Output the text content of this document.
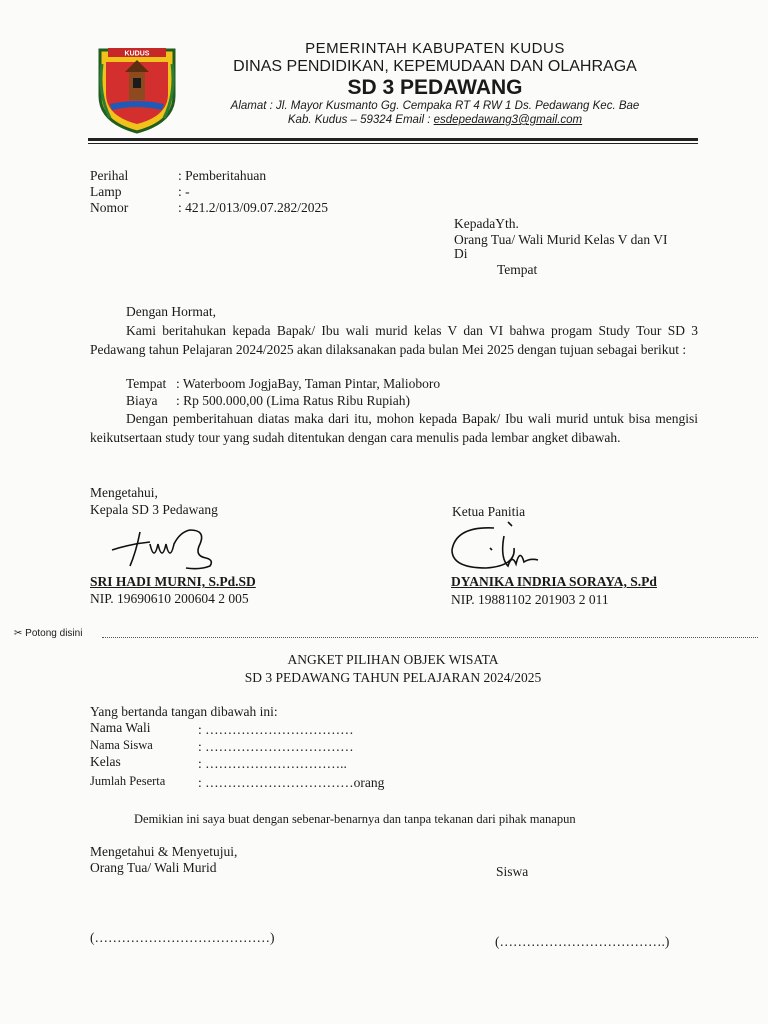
KUDUS	PEMERINTAH KABUPATEN KUDUS
DINAS PENDIDIKAN, KEPEMUDAAN DAN OLAHRAGA
SD 3 PEDAWANG
Alamat : Jl. Mayor Kusmanto Gg. Cempaka RT 4 RW 1 Ds. Pedawang Kec. Bae
Kab. Kudus – 59324 Email : esdepedawang3@gmail.com
Perihal	: Pemberitahuan
Lamp	: -
Nomor	: 421.2/013/09.07.282/2025
KepadaYth.
Orang Tua/ Wali Murid Kelas V dan VI
Di
Tempat
Dengan Hormat,
Kami beritahukan kepada Bapak/ Ibu wali murid kelas V dan VI bahwa progam Study Tour SD 3 Pedawang tahun Pelajaran 2024/2025 akan dilaksanakan pada bulan Mei 2025 dengan tujuan sebagai berikut :
Tempat : Waterboom JogjaBay, Taman Pintar, Malioboro
Biaya : Rp 500.000,00 (Lima Ratus Ribu Rupiah)
Dengan pemberitahuan diatas maka dari itu, mohon kepada Bapak/ Ibu wali murid untuk bisa mengisi keikutsertaan study tour yang sudah ditentukan dengan cara menulis pada lembar angket dibawah.
Mengetahui,
Kepala SD 3 Pedawang
SRI HADI MURNI, S.Pd.SD
NIP. 19690610 200604 2 005
Ketua Panitia
DYANIKA INDRIA SORAYA, S.Pd
NIP. 19881102 201903 2 011
✂ Potong disini
ANGKET PILIHAN OBJEK WISATA
SD 3 PEDAWANG TAHUN PELAJARAN 2024/2025
Yang bertanda tangan dibawah ini:
Nama Wali	: ……………………………
Nama Siswa	: ……………………………
Kelas	: …………………………..
Jumlah Peserta : ……………………………orang
Demikian ini saya buat dengan sebenar-benarnya dan tanpa tekanan dari pihak manapun
Mengetahui & Menyetujui,
Orang Tua/ Wali Murid	Siswa
(…………………………………)	(……………………………….)
